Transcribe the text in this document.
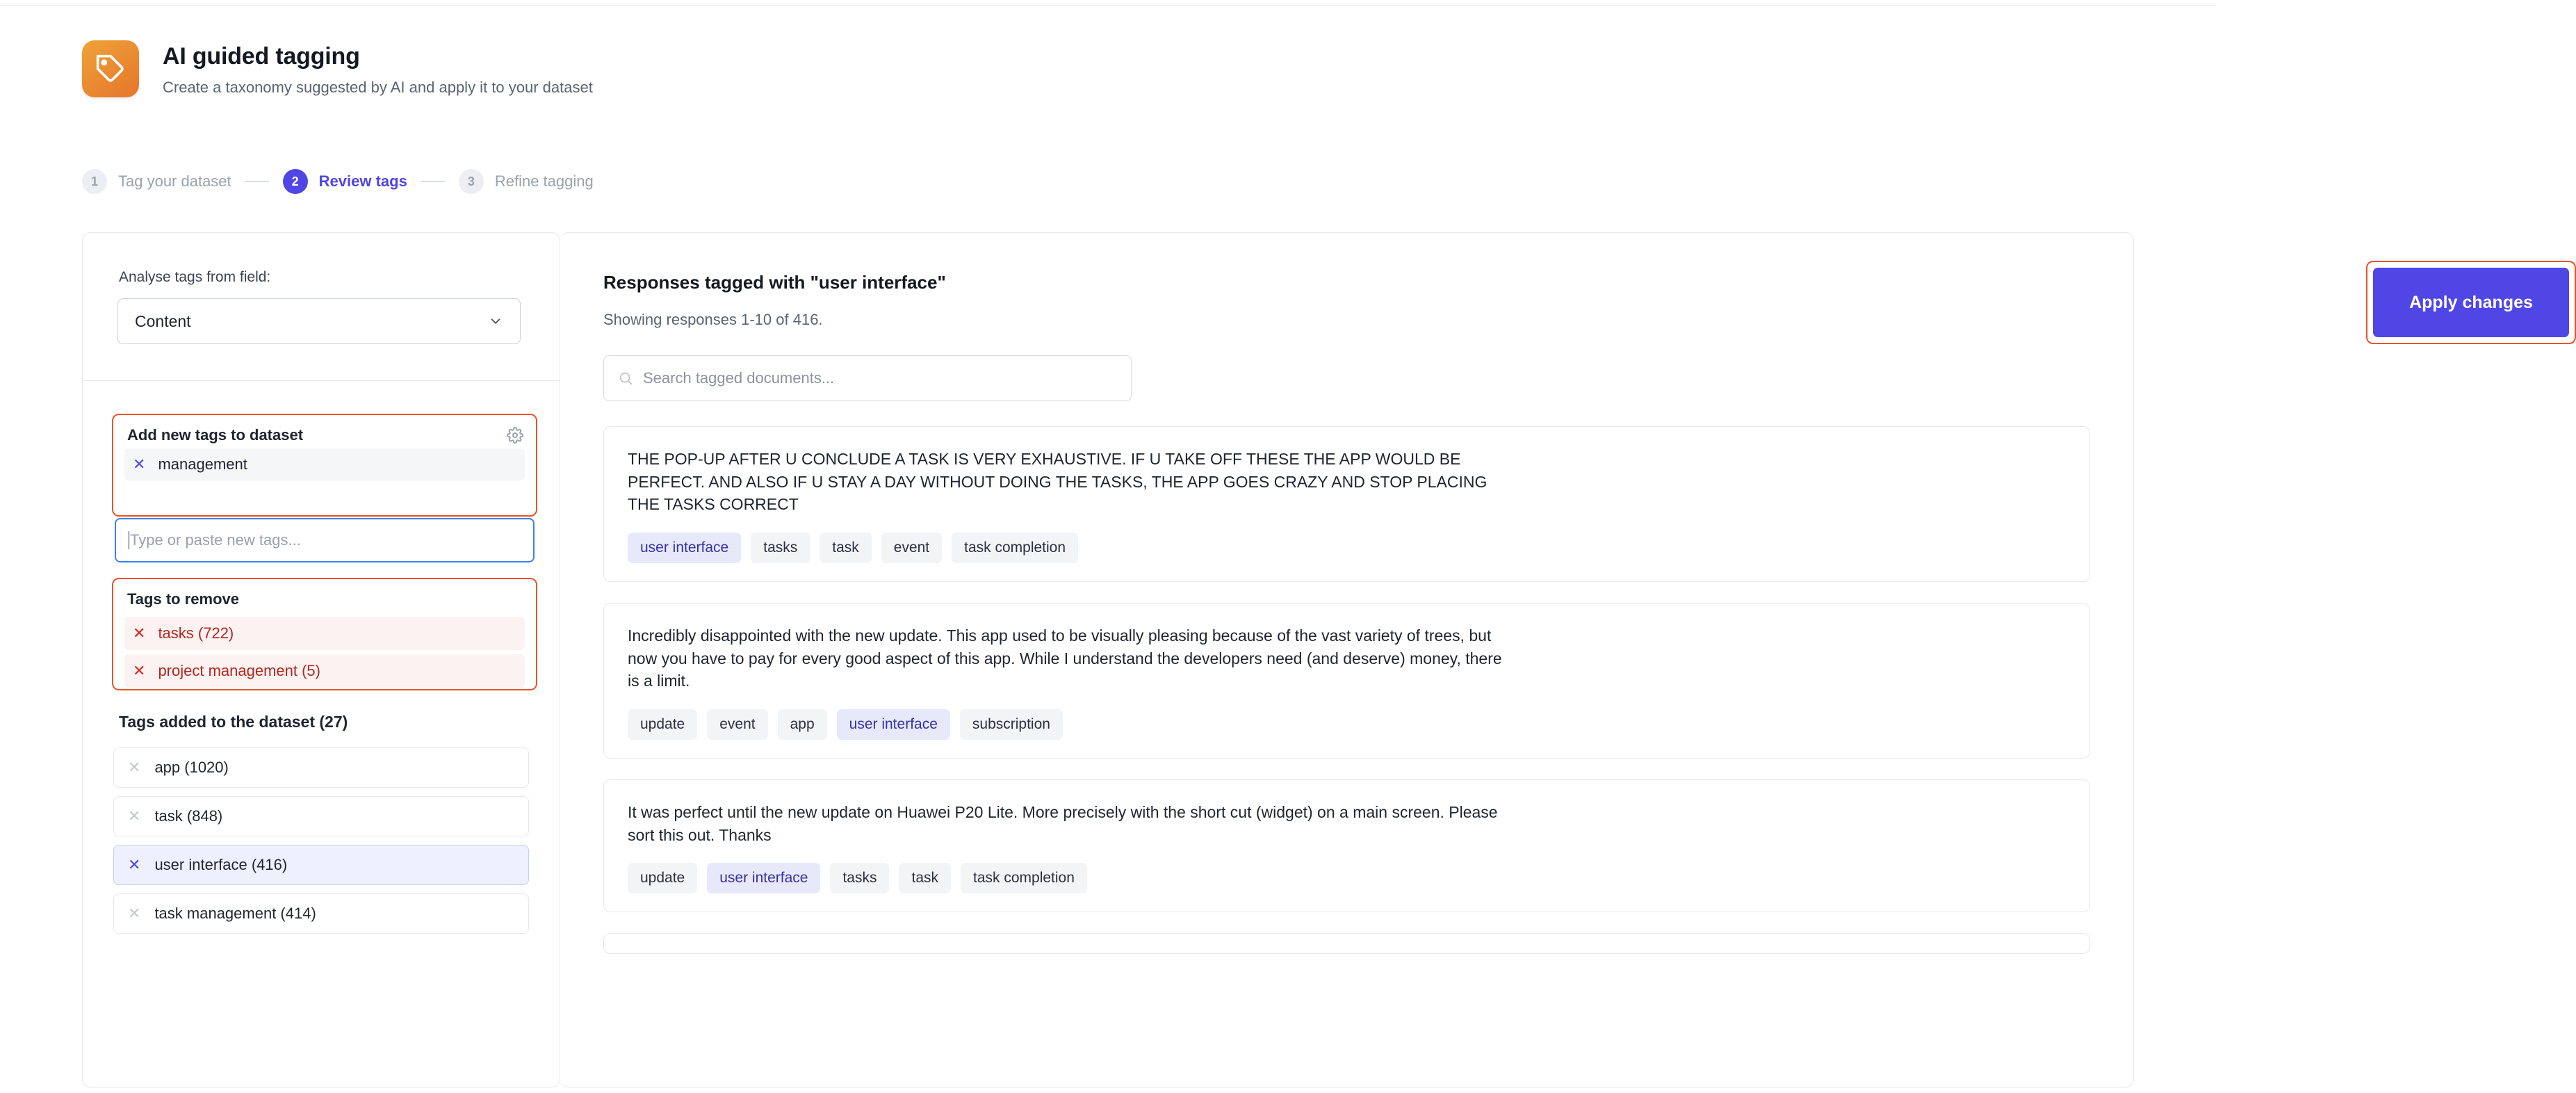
AI guided tagging

Create a taxonomy suggested by AI and apply it to your dataset

1	Tag your dataset	2	Review tags	3	Refine tagging
Analyse tags from field:
Content
Add new tags to dataset
✕ management
Type or paste new tags...
Tags to remove
✕ tasks (722)
✕ project management (5)
Tags added to the dataset (27)
✕ app (1020)
✕ task (848)
✕ user interface (416)
✕ task management (414)
Responses tagged with "user interface"
Showing responses 1-10 of 416.
Apply changes
Search tagged documents...

THE POP-UP AFTER U CONCLUDE A TASK IS VERY EXHAUSTIVE. IF U TAKE OFF THESE THE APP WOULD BE PERFECT. AND ALSO IF U STAY A DAY WITHOUT DOING THE TASKS, THE APP GOES CRAZY AND STOP PLACING THE TASKS CORRECT

user interface	tasks	task	event	task completion

Incredibly disappointed with the new update. This app used to be visually pleasing because of the vast variety of trees, but now you have to pay for every good aspect of this app. While I understand the developers need (and deserve) money, there is a limit.

update	event	app	user interface	subscription

It was perfect until the new update on Huawei P20 Lite. More precisely with the short cut (widget) on a main screen. Please sort this out. Thanks

update	user interface	tasks	task	task completion
